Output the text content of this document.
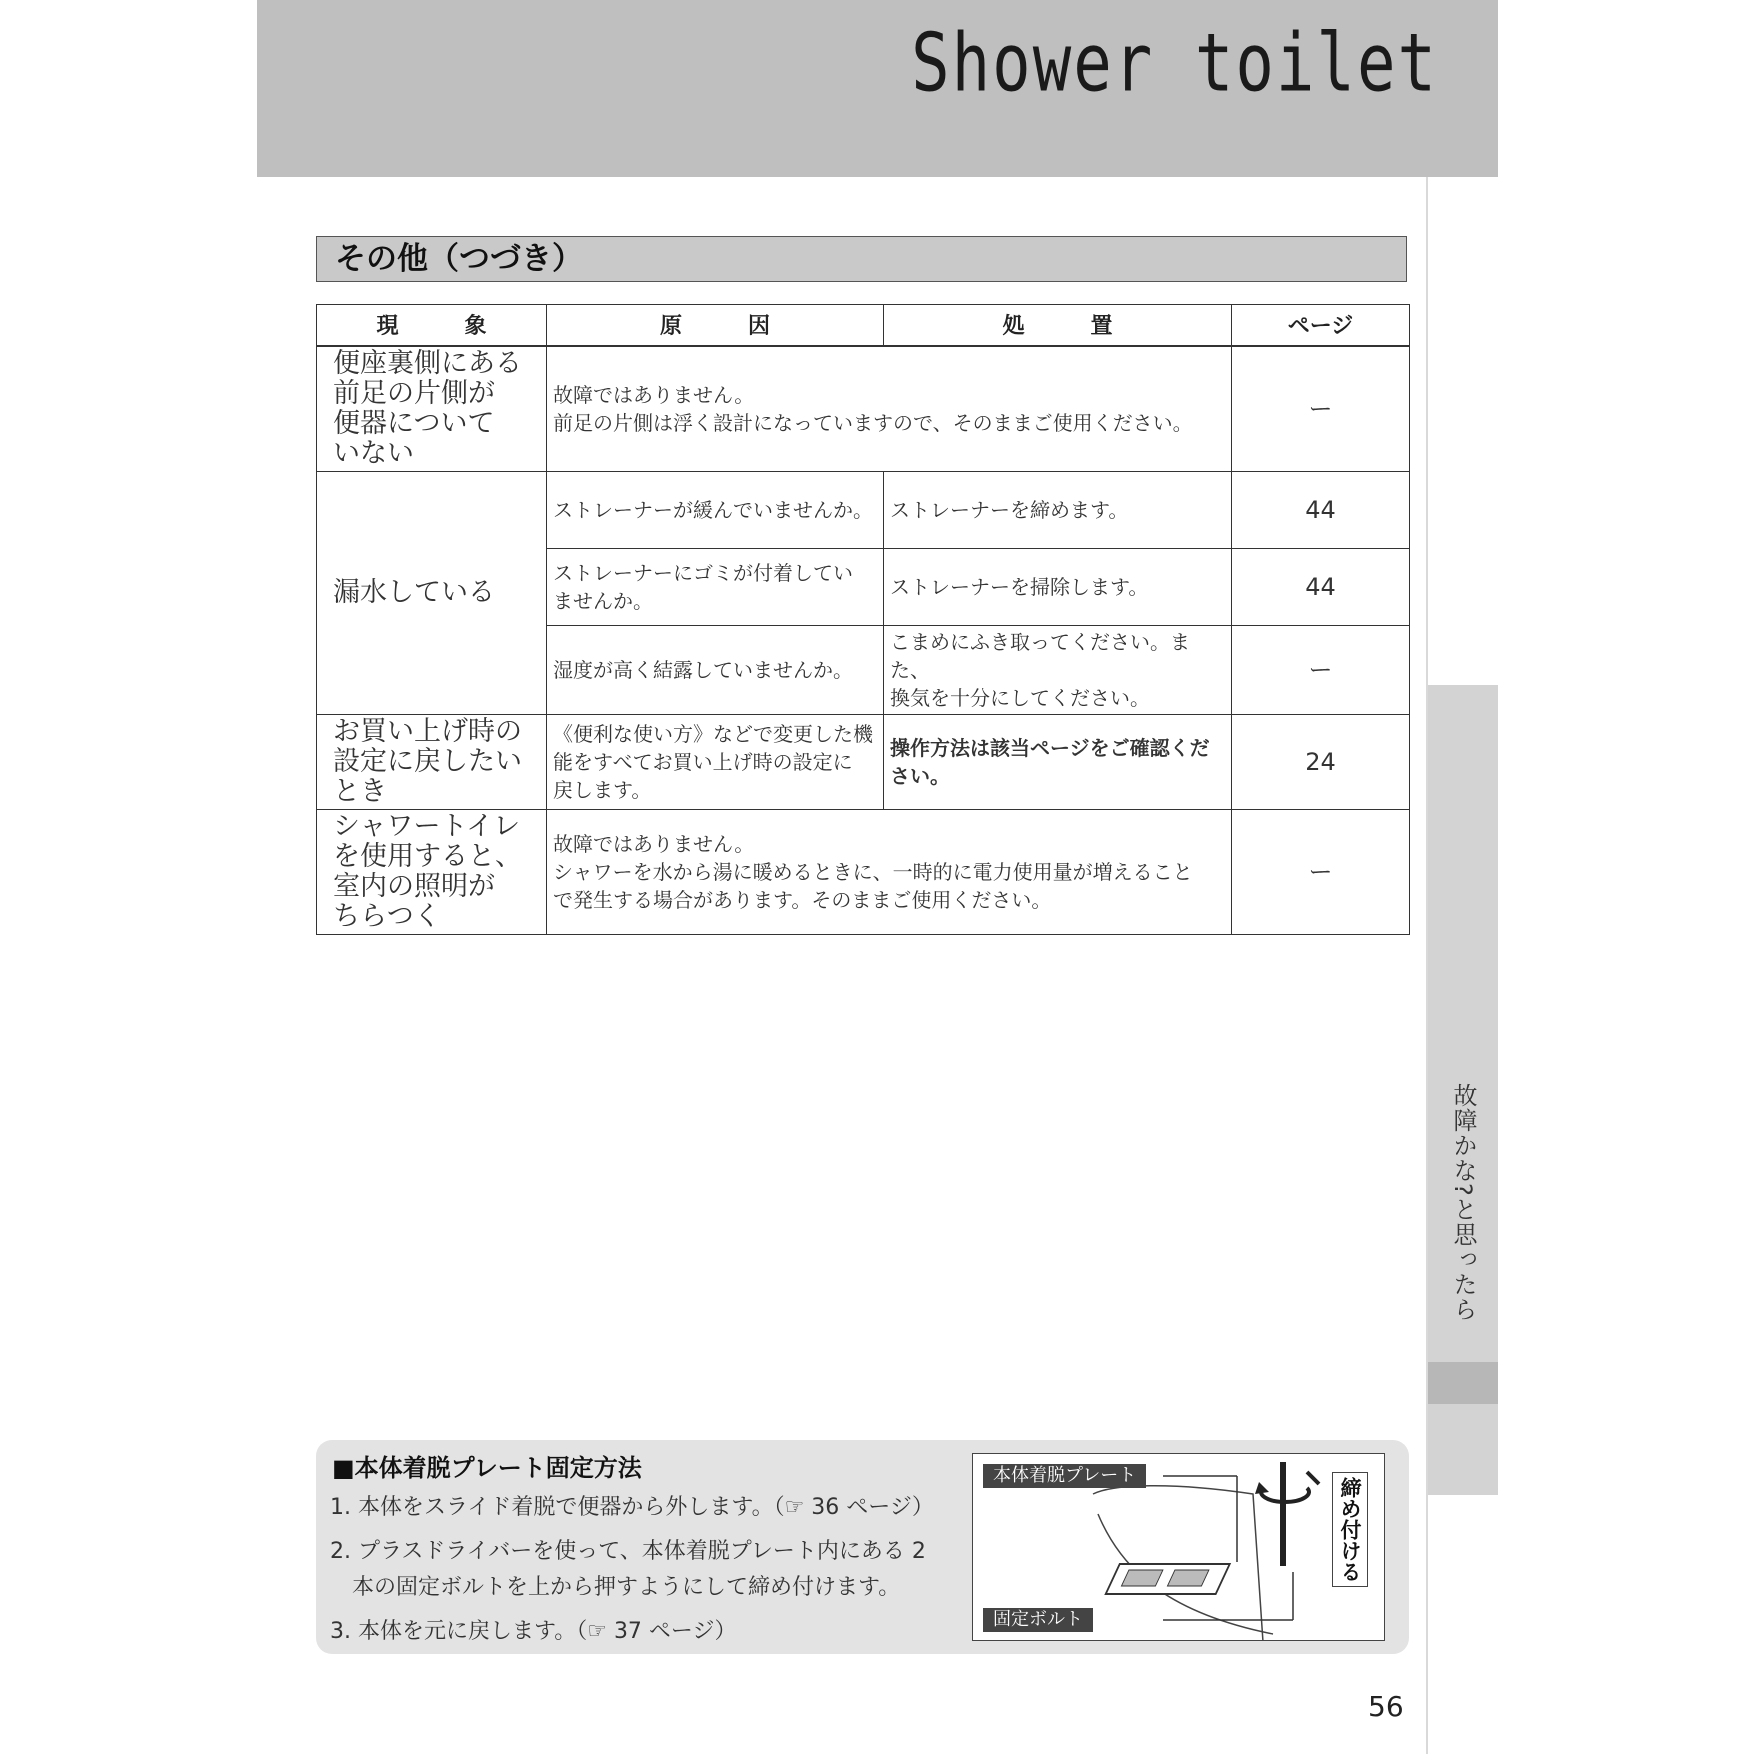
Shower toilet
故障かな?と思ったら
その他（つづき）
現　　　象	原　　　因	処　　　置	ページ
便座裏側にある
前足の片側が
便器について
いない	故障ではありません。
前足の片側は浮く設計になっていますので、そのままご使用ください。		ー
漏水している	ストレーナーが緩んでいませんか。	ストレーナーを締めます。	44
	ストレーナーにゴミが付着してい
ませんか。	ストレーナーを掃除します。	44
	湿度が高く結露していませんか。	こまめにふき取ってください。また、
換気を十分にしてください。	ー
お買い上げ時の
設定に戻したい
とき	《便利な使い方》などで変更した機
能をすべてお買い上げ時の設定に
戻します。	操作方法は該当ページをご確認くだ
さい。	24
シャワートイレ
を使用すると、
室内の照明が
ちらつく	故障ではありません。
シャワーを水から湯に暖めるときに、一時的に電力使用量が増えること
で発生する場合があります。そのままご使用ください。		ー
■本体着脱プレート固定方法
1. 本体をスライド着脱で便器から外します。（☞ 36 ページ）
2. プラスドライバーを使って、本体着脱プレート内にある 2
　本の固定ボルトを上から押すようにして締め付けます。
3. 本体を元に戻します。（☞ 37 ページ）
本体着脱プレート
固定ボルト
締め付ける
56
